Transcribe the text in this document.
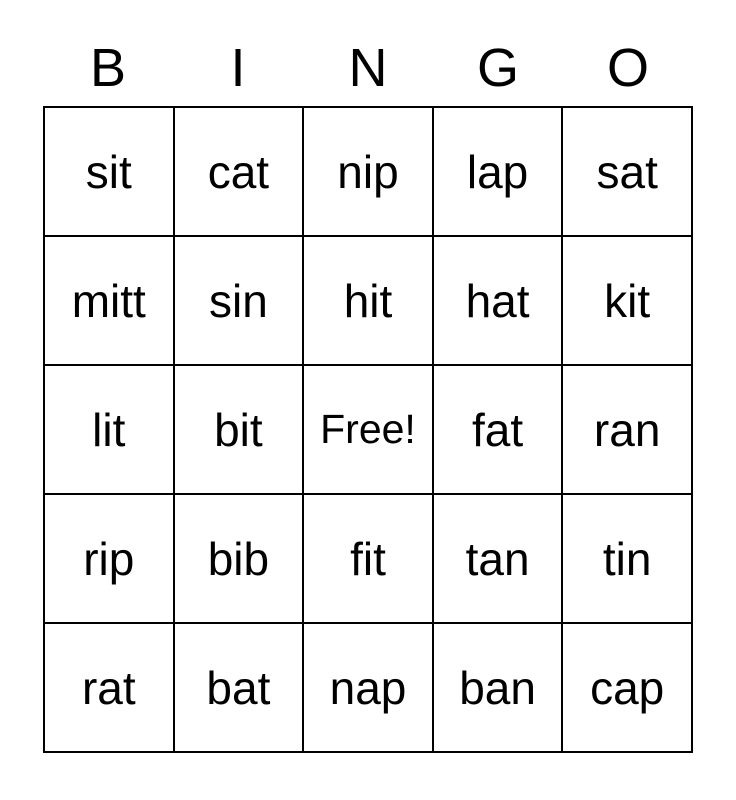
B	I	N	G	O
sit	cat	nip	lap	sat
mitt	sin	hit	hat	kit
lit	bit	Free!	fat	ran
rip	bib	fit	tan	tin
rat	bat	nap	ban	cap
